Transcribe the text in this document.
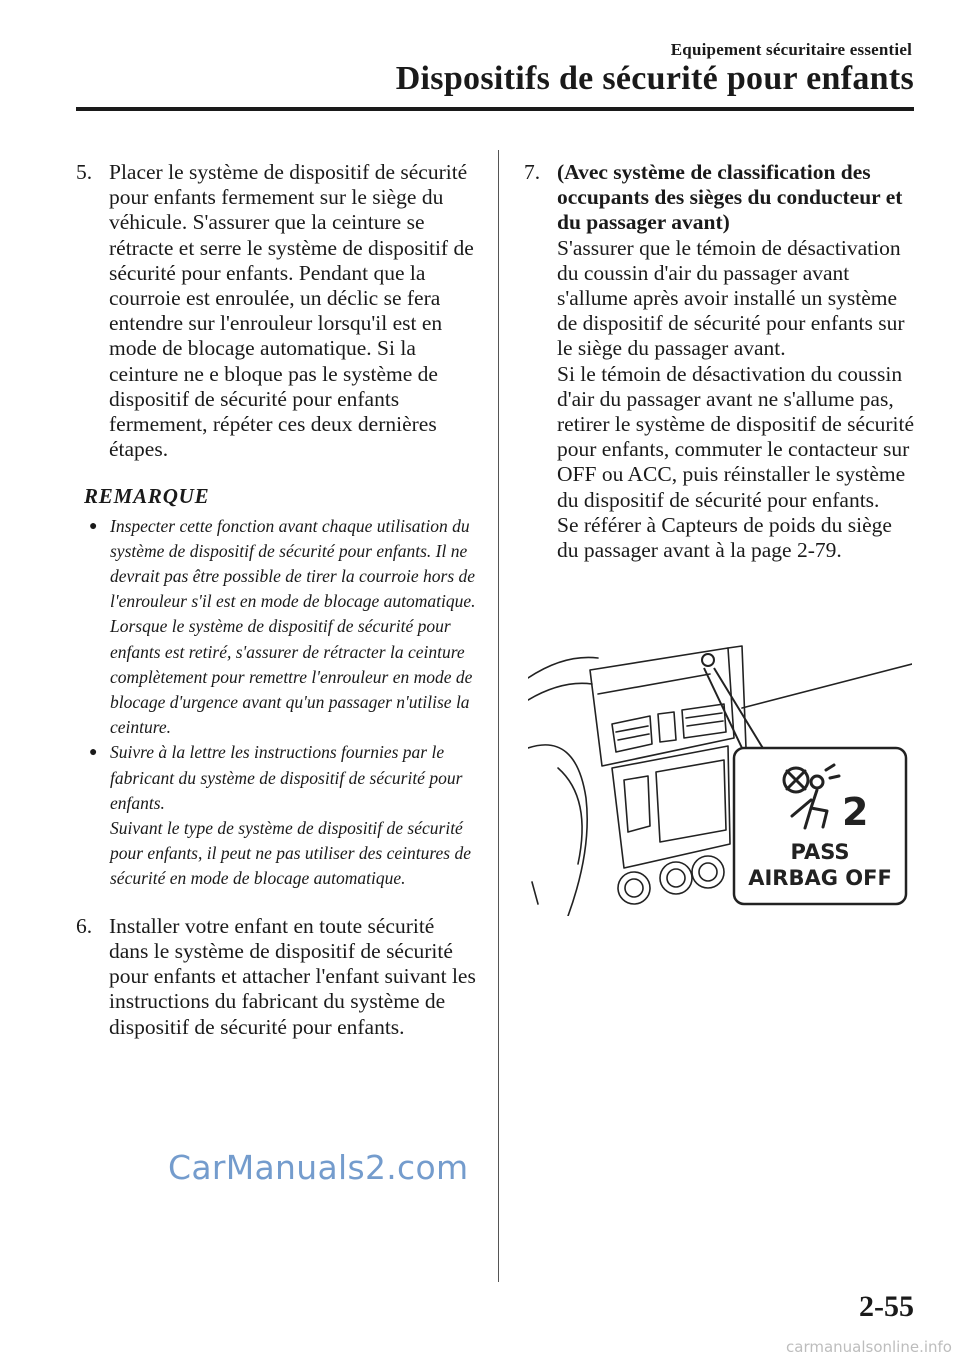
Equipement sécuritaire essentiel
Dispositifs de sécurité pour enfants
5. Placer le système de dispositif de sécurité pour enfants fermement sur le siège du véhicule. S'assurer que la ceinture se rétracte et serre le système de dispositif de sécurité pour enfants. Pendant que la courroie est enroulée, un déclic se fera entendre sur l'enrouleur lorsqu'il est en mode de blocage automatique. Si la ceinture ne e bloque pas le système de dispositif de sécurité pour enfants fermement, répéter ces deux dernières étapes.

REMARQUE
● Inspecter cette fonction avant chaque utilisation du système de dispositif de sécurité pour enfants. Il ne devrait pas être possible de tirer la courroie hors de l'enrouleur s'il est en mode de blocage automatique. Lorsque le système de dispositif de sécurité pour enfants est retiré, s'assurer de rétracter la ceinture complètement pour remettre l'enrouleur en mode de blocage d'urgence avant qu'un passager n'utilise la ceinture.

● Suivre à la lettre les instructions fournies par le fabricant du système de dispositif de sécurité pour enfants.

Suivant le type de système de dispositif de sécurité pour enfants, il peut ne pas utiliser des ceintures de sécurité en mode de blocage automatique.

6. Installer votre enfant en toute sécurité dans le système de dispositif de sécurité pour enfants et attacher l'enfant suivant les instructions du fabricant du système de dispositif de sécurité pour enfants.

7. (Avec système de classification des occupants des sièges du conducteur et du passager avant)

S'assurer que le témoin de désactivation du coussin d'air du passager avant s'allume après avoir installé un système de dispositif de sécurité pour enfants sur le siège du passager avant.

Si le témoin de désactivation du coussin d'air du passager avant ne s'allume pas, retirer le système de dispositif de sécurité pour enfants, commuter le contacteur sur OFF ou ACC, puis réinstaller le système du dispositif de sécurité pour enfants.

Se référer à Capteurs de poids du siège du passager avant à la page 2-79.

2
PASS
AIRBAG OFF
CarManuals2.com
2-55
carmanualsonline.info
